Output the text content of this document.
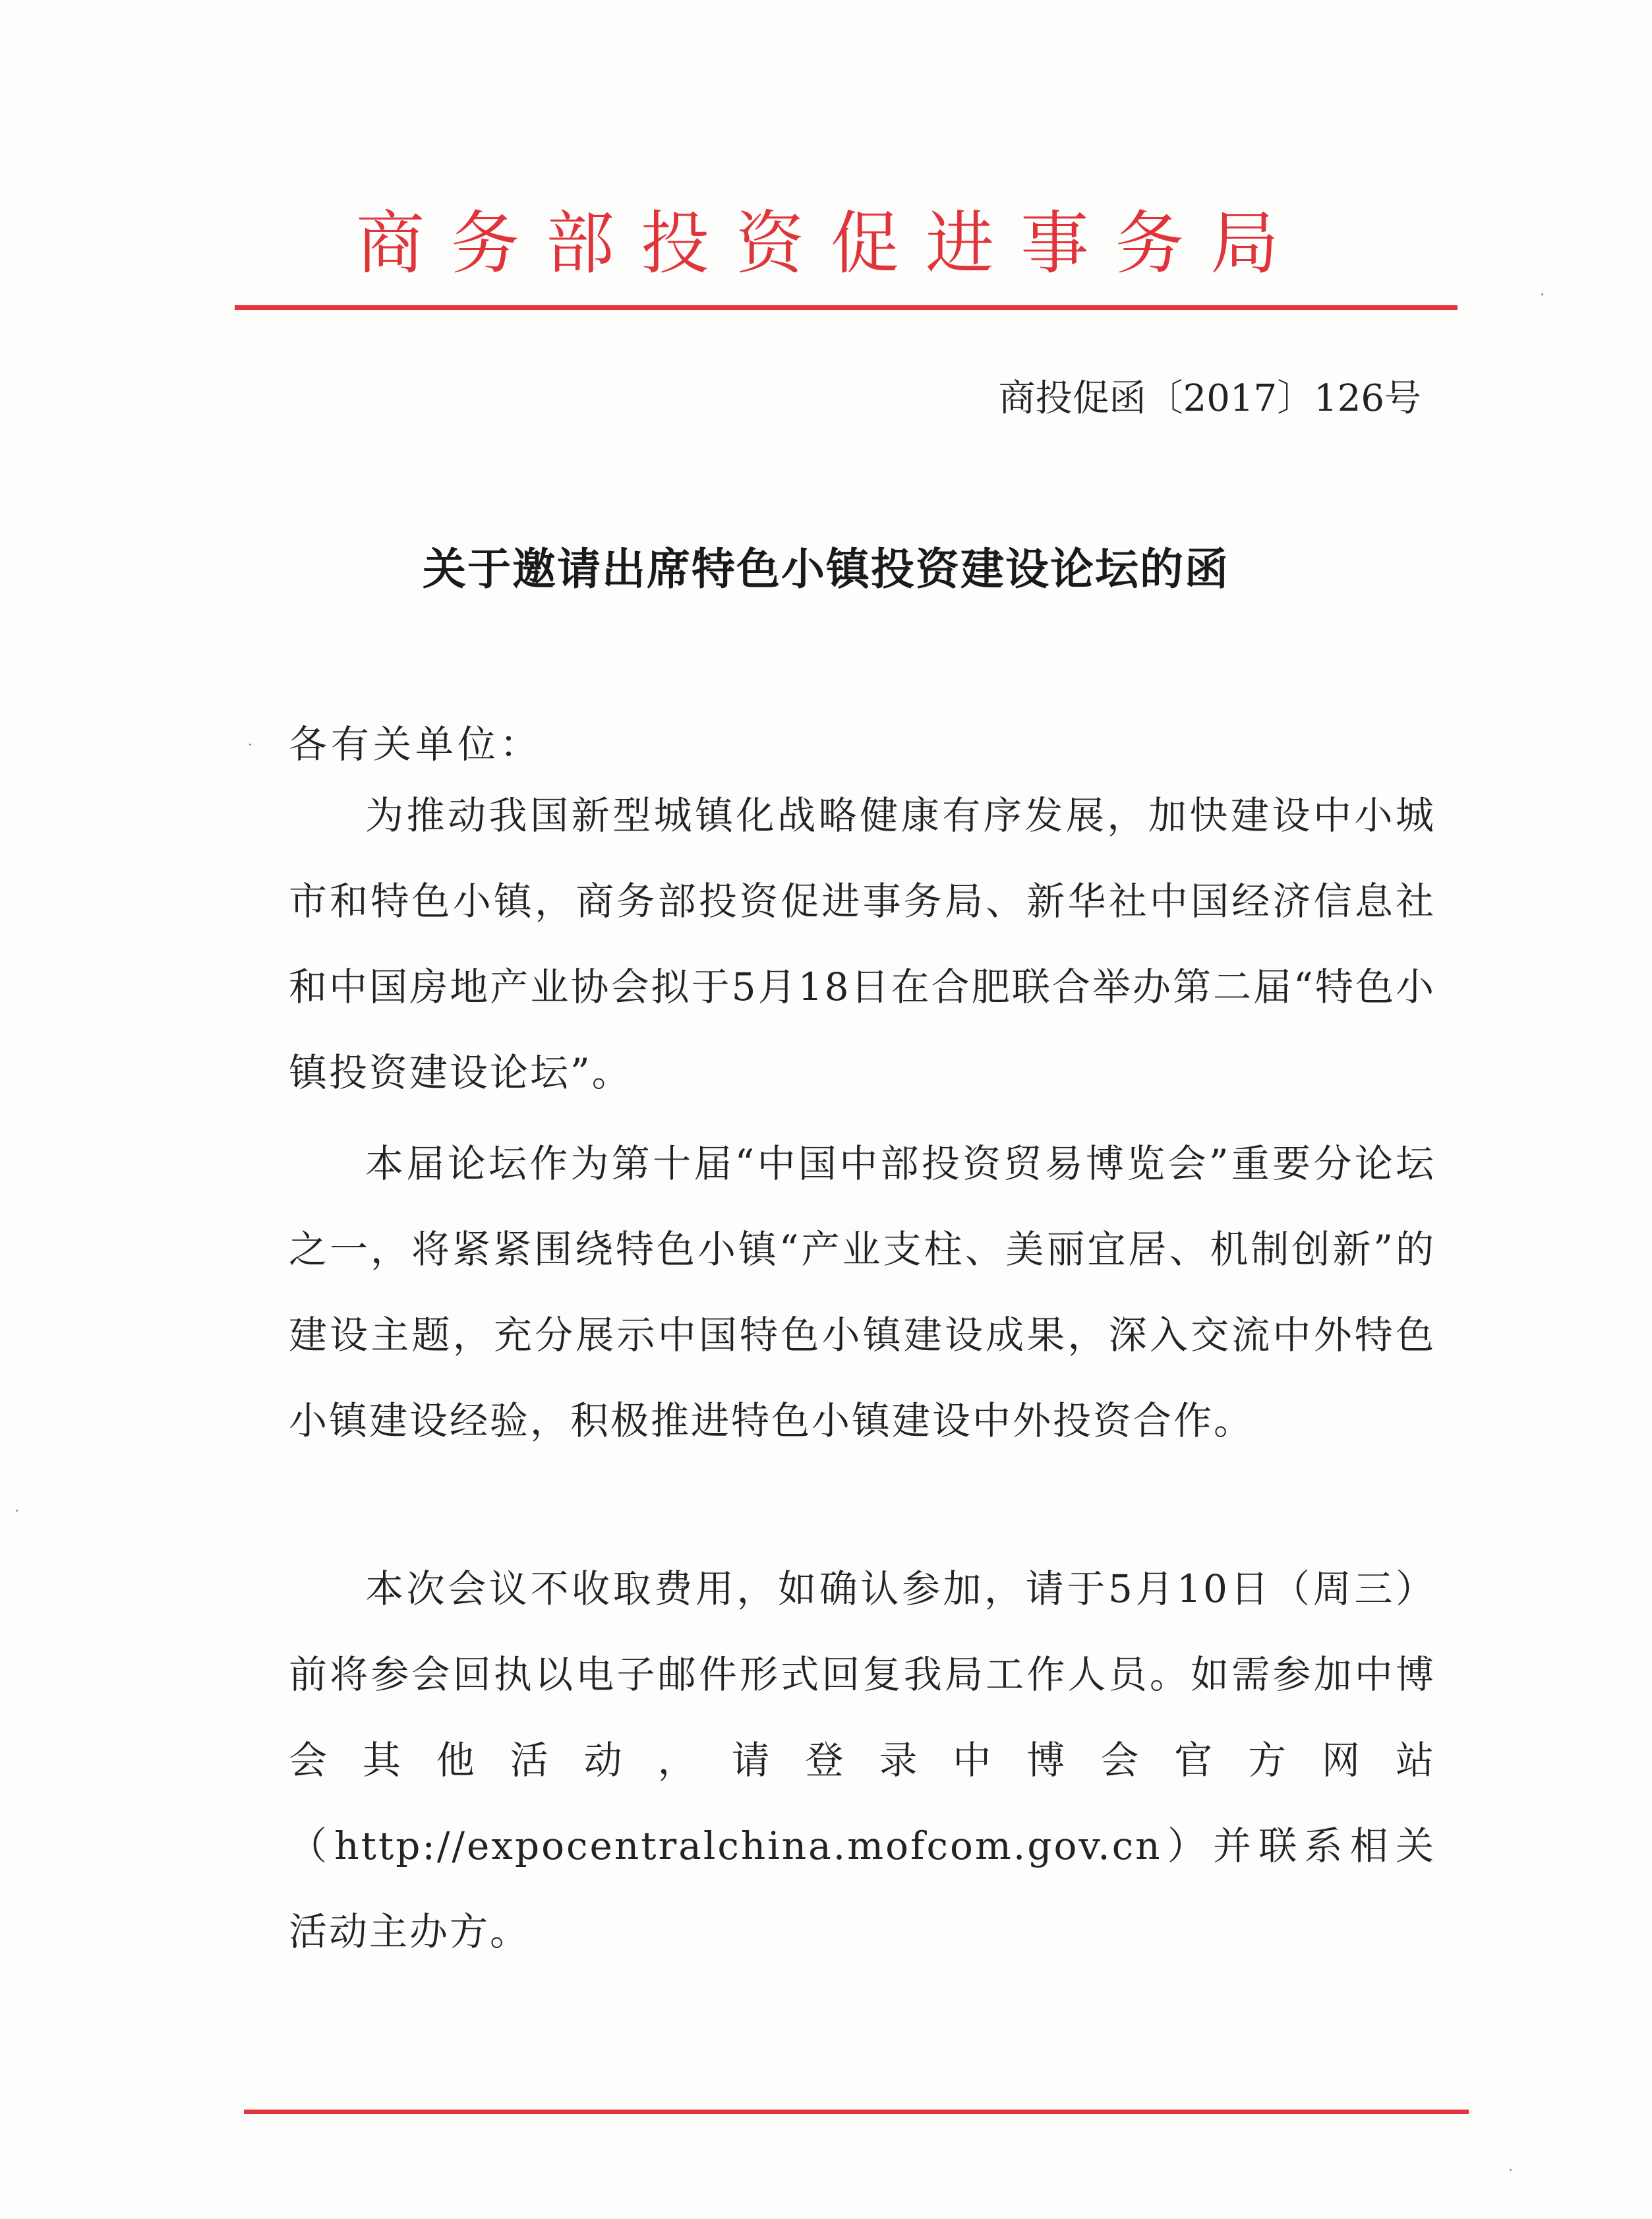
商务部投资促进事务局
商投促函〔2017〕126号
关于邀请出席特色小镇投资建设论坛的函
各有关单位：

为推动我国新型城镇化战略健康有序发展，加快建设中小城市和特色小镇，商务部投资促进事务局、新华社中国经济信息社和中国房地产业协会拟于5月18日在合肥联合举办第二届“特色小镇投资建设论坛”。

本届论坛作为第十届“中国中部投资贸易博览会”重要分论坛之一，将紧紧围绕特色小镇“产业支柱、美丽宜居、机制创新”的建设主题，充分展示中国特色小镇建设成果，深入交流中外特色小镇建设经验，积极推进特色小镇建设中外投资合作。

本次会议不收取费用，如确认参加，请于5月10日（周三）前将参会回执以电子邮件形式回复我局工作人员。如需参加中博会其他活动，请登录中博会官方网站（http://expocentralchina.mofcom.gov.cn）并联系相关活动主办方。
